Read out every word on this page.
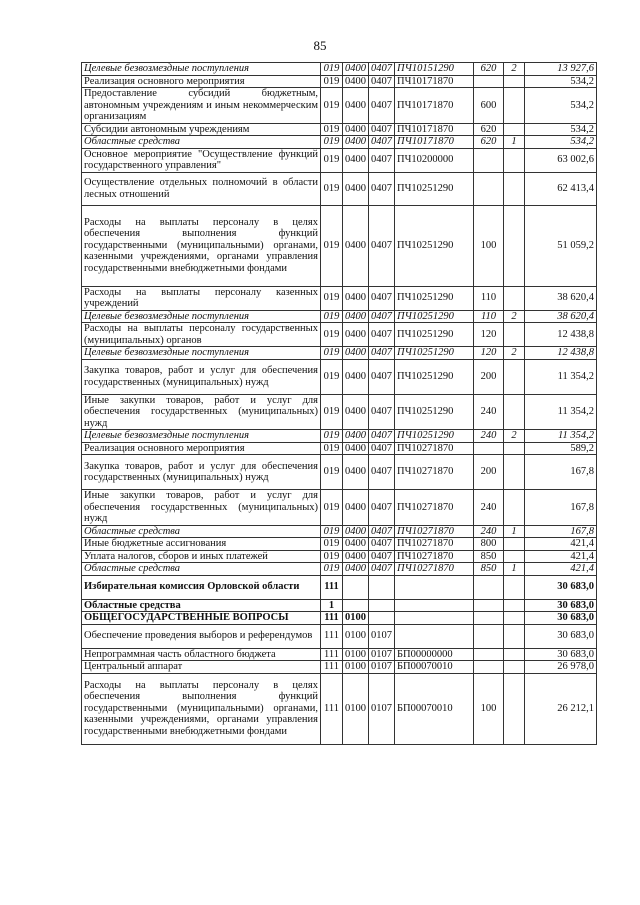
85
Целевые безвозмездные поступления	019	0400	0407	ПЧ10151290	620	2	13 927,6
Реализация основного мероприятия	019	0400	0407	ПЧ10171870			534,2
Предоставление субсидий бюджетным, автономным учреждениям и иным некоммерческим организациям	019	0400	0407	ПЧ10171870	600		534,2
Субсидии автономным учреждениям	019	0400	0407	ПЧ10171870	620		534,2
Областные средства	019	0400	0407	ПЧ10171870	620	1	534,2
Основное мероприятие "Осуществление функций государственного управления"	019	0400	0407	ПЧ10200000			63 002,6
Осуществление отдельных полномочий в области лесных отношений	019	0400	0407	ПЧ10251290			62 413,4
Расходы на выплаты персоналу в целях обеспечения выполнения функций государственными (муниципальными) органами, казенными учреждениями, органами управления государственными внебюджетными фондами	019	0400	0407	ПЧ10251290	100		51 059,2
Расходы на выплаты персоналу казенных учреждений	019	0400	0407	ПЧ10251290	110		38 620,4
Целевые безвозмездные поступления	019	0400	0407	ПЧ10251290	110	2	38 620,4
Расходы на выплаты персоналу государственных (муниципальных) органов	019	0400	0407	ПЧ10251290	120		12 438,8
Целевые безвозмездные поступления	019	0400	0407	ПЧ10251290	120	2	12 438,8
Закупка товаров, работ и услуг для обеспечения государственных (муниципальных) нужд	019	0400	0407	ПЧ10251290	200		11 354,2
Иные закупки товаров, работ и услуг для обеспечения государственных (муниципальных) нужд	019	0400	0407	ПЧ10251290	240		11 354,2
Целевые безвозмездные поступления	019	0400	0407	ПЧ10251290	240	2	11 354,2
Реализация основного мероприятия	019	0400	0407	ПЧ10271870			589,2
Закупка товаров, работ и услуг для обеспечения государственных (муниципальных) нужд	019	0400	0407	ПЧ10271870	200		167,8
Иные закупки товаров, работ и услуг для обеспечения государственных (муниципальных) нужд	019	0400	0407	ПЧ10271870	240		167,8
Областные средства	019	0400	0407	ПЧ10271870	240	1	167,8
Иные бюджетные ассигнования	019	0400	0407	ПЧ10271870	800		421,4
Уплата налогов, сборов и иных платежей	019	0400	0407	ПЧ10271870	850		421,4
Областные средства	019	0400	0407	ПЧ10271870	850	1	421,4
Избирательная комиссия Орловской области	111						30 683,0
Областные средства	1						30 683,0
ОБЩЕГОСУДАРСТВЕННЫЕ ВОПРОСЫ	111	0100					30 683,0
Обеспечение проведения выборов и референдумов	111	0100	0107				30 683,0
Непрограммная часть областного бюджета	111	0100	0107	БП00000000			30 683,0
Центральный аппарат	111	0100	0107	БП00070010			26 978,0
Расходы на выплаты персоналу в целях обеспечения выполнения функций государственными (муниципальными) органами, казенными учреждениями, органами управления государственными внебюджетными фондами	111	0100	0107	БП00070010	100		26 212,1
